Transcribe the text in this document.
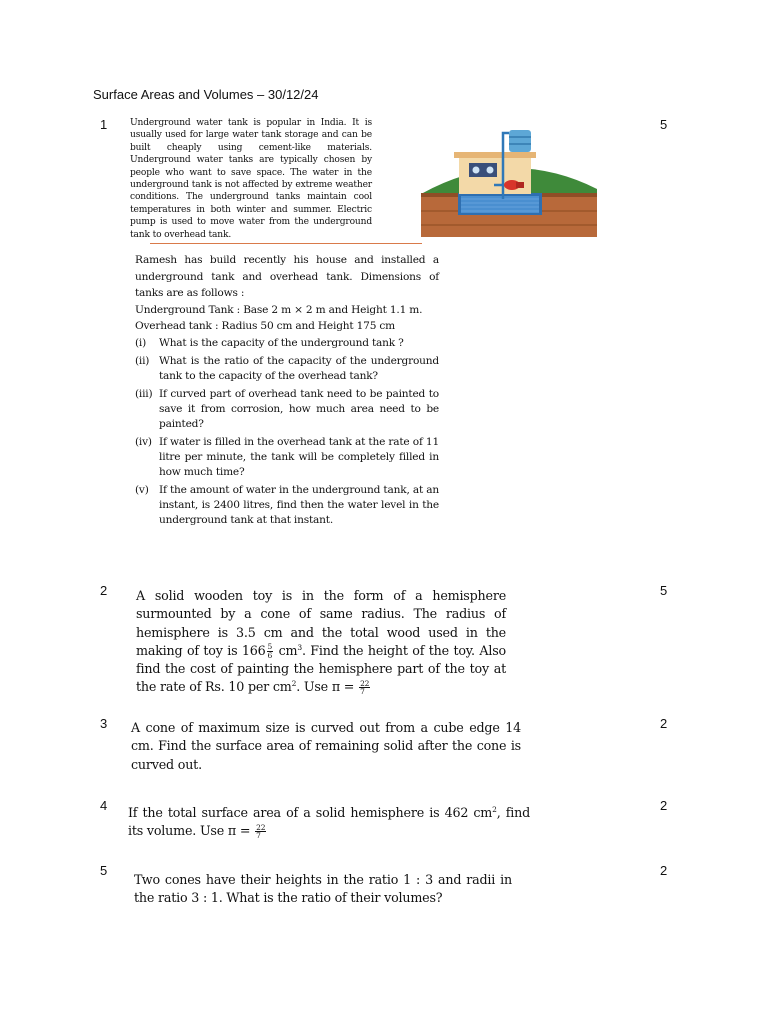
Surface Areas and Volumes – 30/12/24
1	5
Underground water tank is popular in India. It is usually used for large water tank storage and can be built cheaply using cement-like materials. Underground water tanks are typically chosen by people who want to save space. The water in the underground tank is not affected by extreme weather conditions. The underground tanks maintain cool temperatures in both winter and summer. Electric pump is used to move water from the underground tank to overhead tank.

Ramesh has build recently his house and installed a underground tank and overhead tank. Dimensions of tanks are as follows :

Underground Tank : Base 2 m × 2 m and Height 1.1 m.

Overhead tank : Radius 50 cm and Height 175 cm

(i) What is the capacity of the underground tank ?
(ii) What is the ratio of the capacity of the underground tank to the capacity of the overhead tank?
(iii) If curved part of overhead tank need to be painted to save it from corrosion, how much area need to be painted?
(iv) If water is filled in the overhead tank at the rate of 11 litre per minute, the tank will be completely filled in how much time?
(v) If the amount of water in the underground tank, at an instant, is 2400 litres, find then the water level in the underground tank at that instant.
2	5
A solid wooden toy is in the form of a hemisphere surmounted by a cone of same radius. The radius of hemisphere is 3.5 cm and the total wood used in the making of toy is $166 \frac{5}{6} cm^3$. Find the height of the toy. Also find the cost of painting the hemisphere part of the toy at the rate of Rs. 10 per $cm^2$. Use $\pi = \frac{22}{7}$
3	2
A cone of maximum size is curved out from a cube edge 14 cm. Find the surface area of remaining solid after the cone is curved out.
4	2
If the total surface area of a solid hemisphere is 462 $cm^2$, find its volume. Use $\pi = \frac{22}{7}$
5	2
Two cones have their heights in the ratio 1 : 3 and radii in the ratio 3 : 1. What is the ratio of their volumes?
